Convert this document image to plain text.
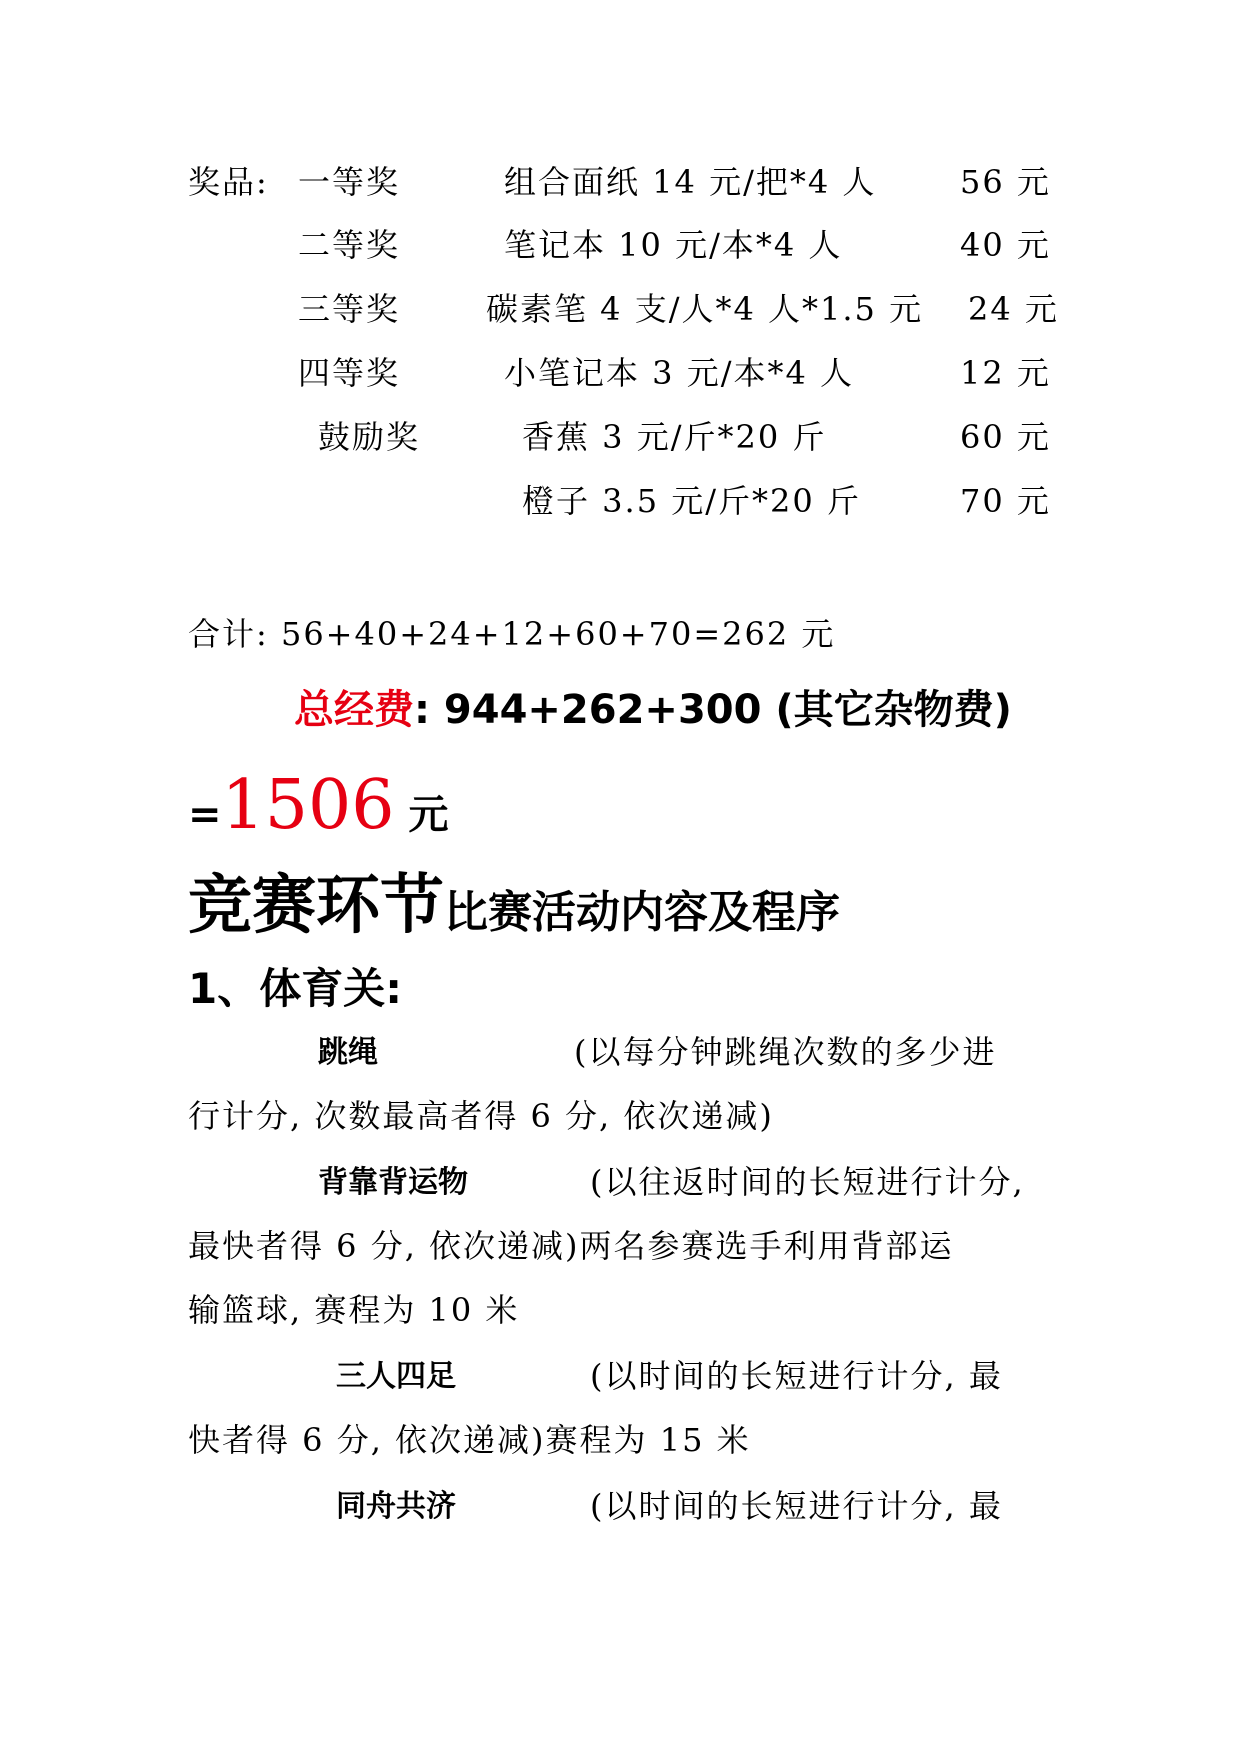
奖品: 一等奖	组合面纸 14 元/把*4 人	56 元
二等奖	笔记本 10 元/本*4 人	40 元
三等奖	碳素笔 4 支/人*4 人*1.5 元 24 元
四等奖	小笔记本 3 元/本*4 人	12 元
鼓励奖	香蕉 3 元/斤*20 斤	60 元
橙子 3.5 元/斤*20 斤	70 元
合计: 56+40+24+12+60+70=262 元
总经费: 944+262+300 (其它杂物费)
=1506 元
竞赛环节比赛活动内容及程序
1、体育关:
跳绳	(以每分钟跳绳次数的多少进
行计分, 次数最高者得 6 分, 依次递减)
背靠背运物	(以往返时间的长短进行计分,
最快者得 6 分, 依次递减)两名参赛选手利用背部运
输篮球, 赛程为 10 米
三人四足	(以时间的长短进行计分, 最
快者得 6 分, 依次递减)赛程为 15 米
同舟共济	(以时间的长短进行计分, 最
